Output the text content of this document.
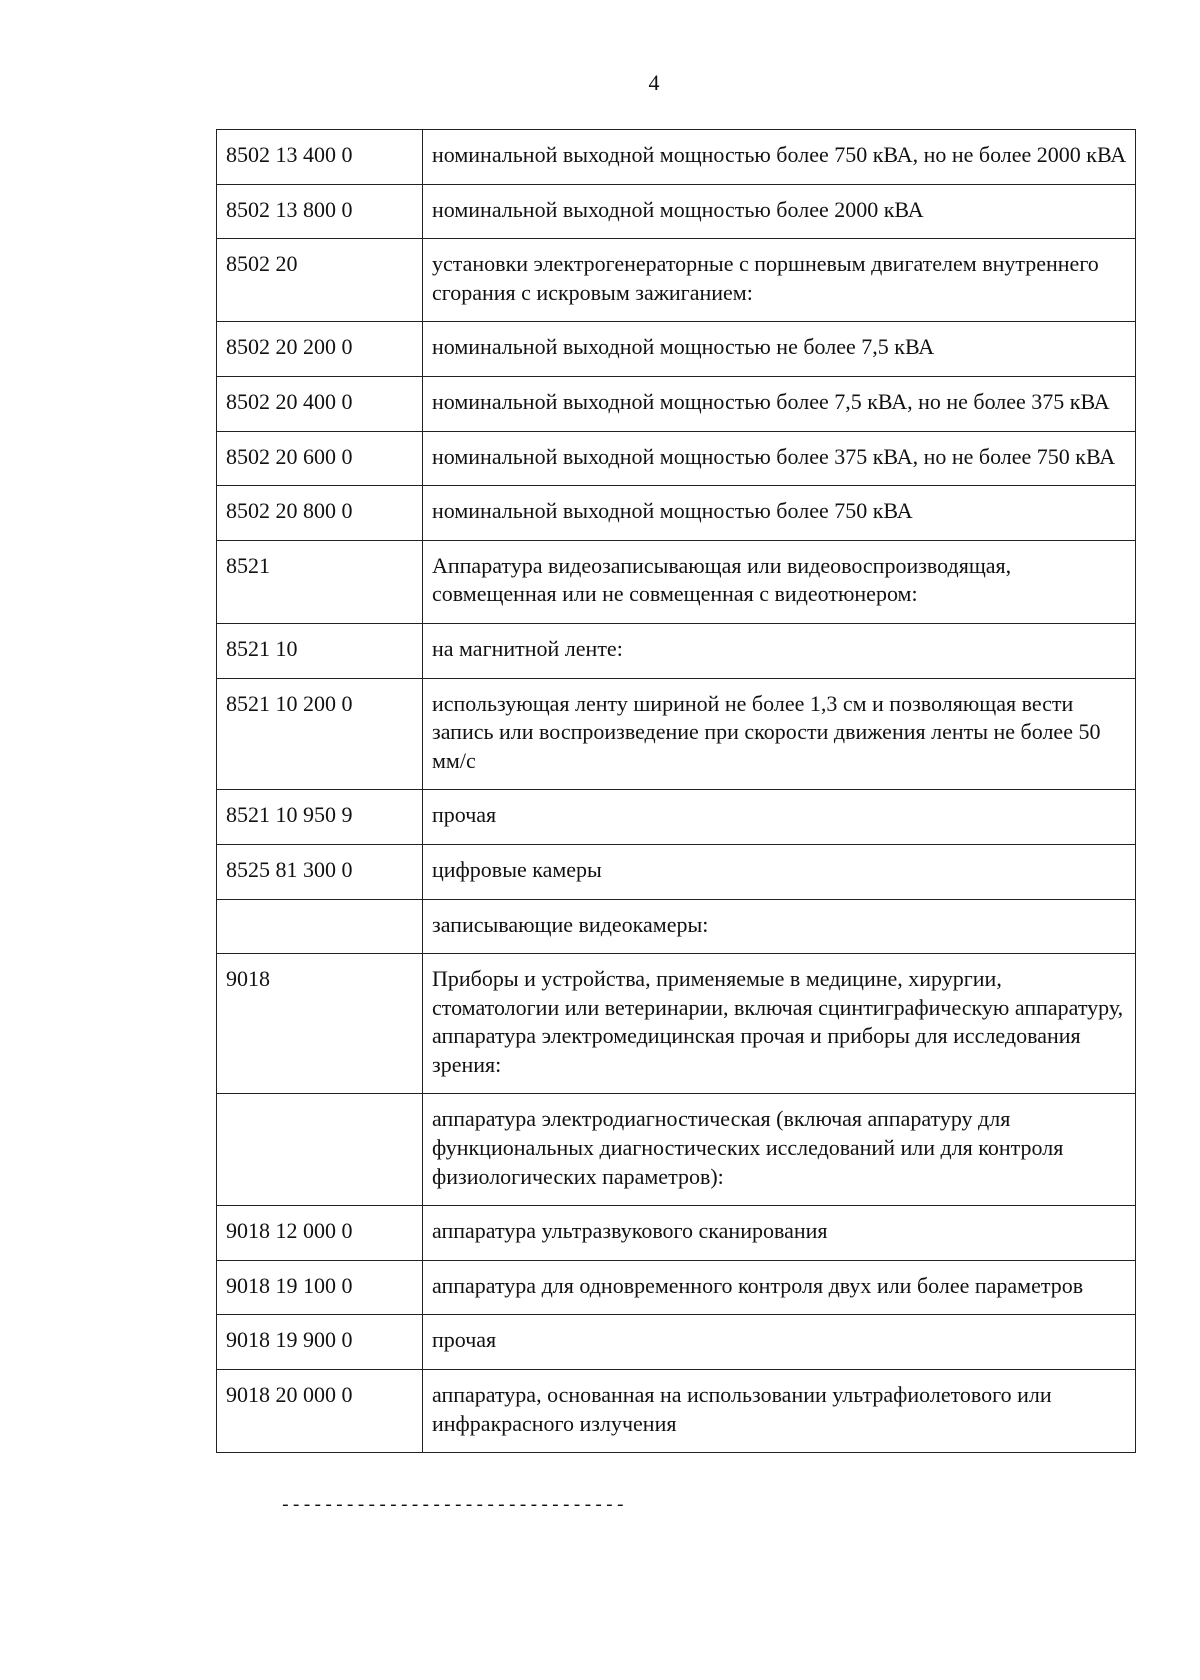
4
8502 13 400 0	номинальной выходной мощностью более 750 кВА, но не более 2000 кВА
8502 13 800 0	номинальной выходной мощностью более 2000 кВА
8502 20	установки электрогенераторные с поршневым двигателем внутреннего сгорания с искровым зажиганием:
8502 20 200 0	номинальной выходной мощностью не более 7,5 кВА
8502 20 400 0	номинальной выходной мощностью более 7,5 кВА, но не более 375 кВА
8502 20 600 0	номинальной выходной мощностью более 375 кВА, но не более 750 кВА
8502 20 800 0	номинальной выходной мощностью более 750 кВА
8521	Аппаратура видеозаписывающая или видеовоспроизводящая, совмещенная или не совмещенная с видеотюнером:
8521 10	на магнитной ленте:
8521 10 200 0	использующая ленту шириной не более 1,3 см и позволяющая вести запись или воспроизведение при скорости движения ленты не более 50 мм/с
8521 10 950 9	прочая
8525 81 300 0	цифровые камеры
	записывающие видеокамеры:
9018	Приборы и устройства, применяемые в медицине, хирургии, стоматологии или ветеринарии, включая сцинтиграфическую аппаратуру, аппаратура электромедицинская прочая и приборы для исследования зрения:
	аппаратура электродиагностическая (включая аппаратуру для функциональных диагностических исследований или для контроля физиологических параметров):
9018 12 000 0	аппаратура ультразвукового сканирования
9018 19 100 0	аппаратура для одновременного контроля двух или более параметров
9018 19 900 0	прочая
9018 20 000 0	аппаратура, основанная на использовании ультрафиолетового или инфракрасного излучения
--------------------------------
